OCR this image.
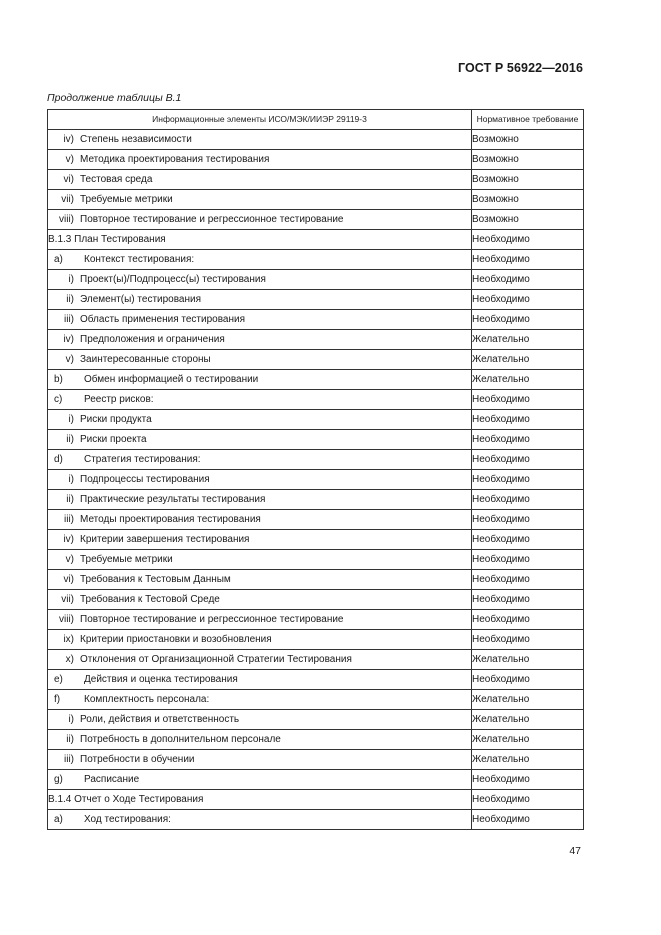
ГОСТ Р 56922—2016
Продолжение таблицы В.1
Информационные элементы ИСО/МЭК/ИИЭР 29119-3	Нормативное требование
iv) Степень независимости	Возможно
v) Методика проектирования тестирования	Возможно
vi) Тестовая среда	Возможно
vii) Требуемые метрики	Возможно
viii) Повторное тестирование и регрессионное тестирование	Возможно
B.1.3 План Тестирования	Необходимо
a) Контекст тестирования:	Необходимо
i) Проект(ы)/Подпроцесс(ы) тестирования	Необходимо
ii) Элемент(ы) тестирования	Необходимо
iii) Область применения тестирования	Необходимо
iv) Предположения и ограничения	Желательно
v) Заинтересованные стороны	Желательно
b) Обмен информацией о тестировании	Желательно
c) Реестр рисков:	Необходимо
i) Риски продукта	Необходимо
ii) Риски проекта	Необходимо
d) Стратегия тестирования:	Необходимо
i) Подпроцессы тестирования	Необходимо
ii) Практические результаты тестирования	Необходимо
iii) Методы проектирования тестирования	Необходимо
iv) Критерии завершения тестирования	Необходимо
v) Требуемые метрики	Необходимо
vi) Требования к Тестовым Данным	Необходимо
vii) Требования к Тестовой Среде	Необходимо
viii) Повторное тестирование и регрессионное тестирование	Необходимо
ix) Критерии приостановки и возобновления	Необходимо
x) Отклонения от Организационной Стратегии Тестирования	Желательно
e) Действия и оценка тестирования	Необходимо
f) Комплектность персонала:	Желательно
i) Роли, действия и ответственность	Желательно
ii) Потребность в дополнительном персонале	Желательно
iii) Потребности в обучении	Желательно
g) Расписание	Необходимо
B.1.4 Отчет о Ходе Тестирования	Необходимо
a) Ход тестирования:	Необходимо
47
